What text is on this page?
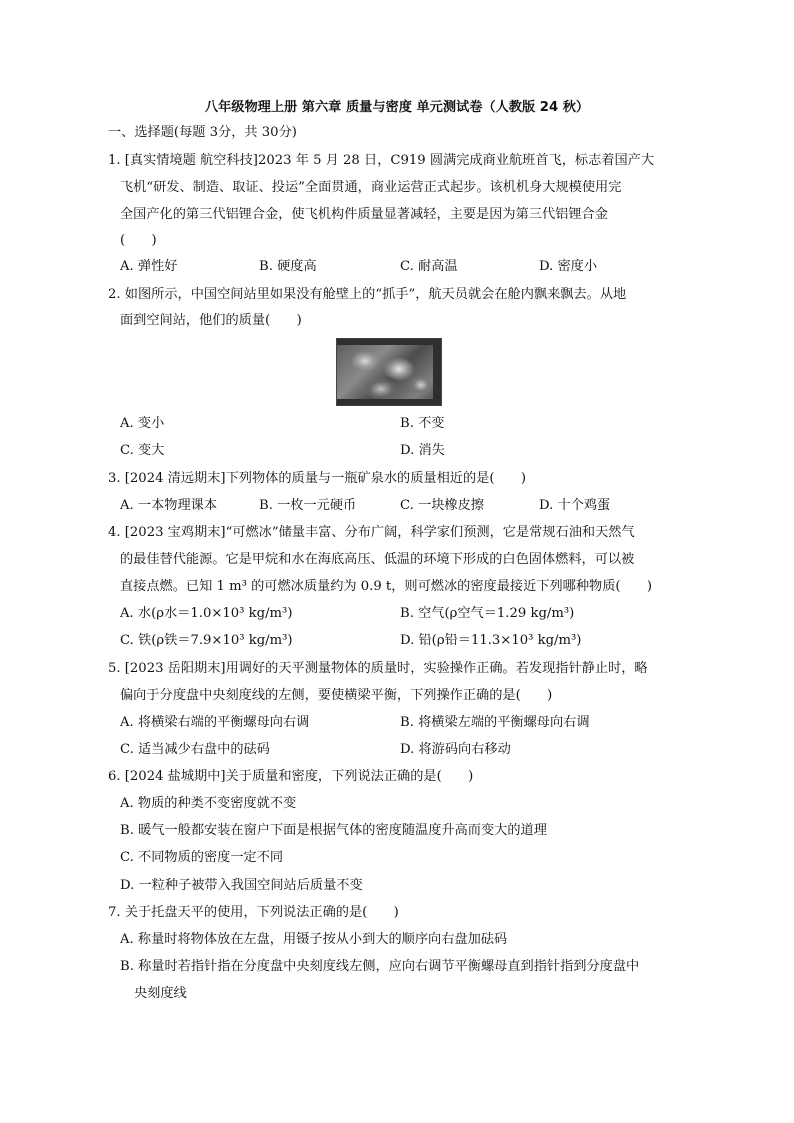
八年级物理上册 第六章 质量与密度 单元测试卷（人教版 24 秋）
一、选择题(每题 3分，共 30分)
1. [真实情境题 航空科技]2023 年 5 月 28 日，C919 圆满完成商业航班首飞，标志着国产大
飞机“研发、制造、取证、投运”全面贯通，商业运营正式起步。该机机身大规模使用完
全国产化的第三代铝锂合金，使飞机构件质量显著减轻，主要是因为第三代铝锂合金
(　　)
A. 弹性好	B. 硬度高	C. 耐高温	D. 密度小
2. 如图所示，中国空间站里如果没有舱壁上的“抓手”，航天员就会在舱内飘来飘去。从地
面到空间站，他们的质量(　　)
A. 变小	B. 不变
C. 变大	D. 消失
3. [2024 清远期末]下列物体的质量与一瓶矿泉水的质量相近的是(　　)
A. 一本物理课本	B. 一枚一元硬币	C. 一块橡皮擦	D. 十个鸡蛋
4. [2023 宝鸡期末]“可燃冰”储量丰富、分布广阔，科学家们预测，它是常规石油和天然气
的最佳替代能源。它是甲烷和水在海底高压、低温的环境下形成的白色固体燃料，可以被
直接点燃。已知 1 m³ 的可燃冰质量约为 0.9 t，则可燃冰的密度最接近下列哪种物质(　　)
A. 水(ρ水＝1.0×10³ kg/m³)	B. 空气(ρ空气＝1.29 kg/m³)
C. 铁(ρ铁＝7.9×10³ kg/m³)	D. 铅(ρ铅＝11.3×10³ kg/m³)
5. [2023 岳阳期末]用调好的天平测量物体的质量时，实验操作正确。若发现指针静止时，略
偏向于分度盘中央刻度线的左侧，要使横梁平衡，下列操作正确的是(　　)
A. 将横梁右端的平衡螺母向右调	B. 将横梁左端的平衡螺母向右调
C. 适当减少右盘中的砝码	D. 将游码向右移动
6. [2024 盐城期中]关于质量和密度，下列说法正确的是(　　)
A. 物质的种类不变密度就不变
B. 暖气一般都安装在窗户下面是根据气体的密度随温度升高而变大的道理
C. 不同物质的密度一定不同
D. 一粒种子被带入我国空间站后质量不变
7. 关于托盘天平的使用，下列说法正确的是(　　)
A. 称量时将物体放在左盘，用镊子按从小到大的顺序向右盘加砝码
B. 称量时若指针指在分度盘中央刻度线左侧，应向右调节平衡螺母直到指针指到分度盘中
央刻度线
